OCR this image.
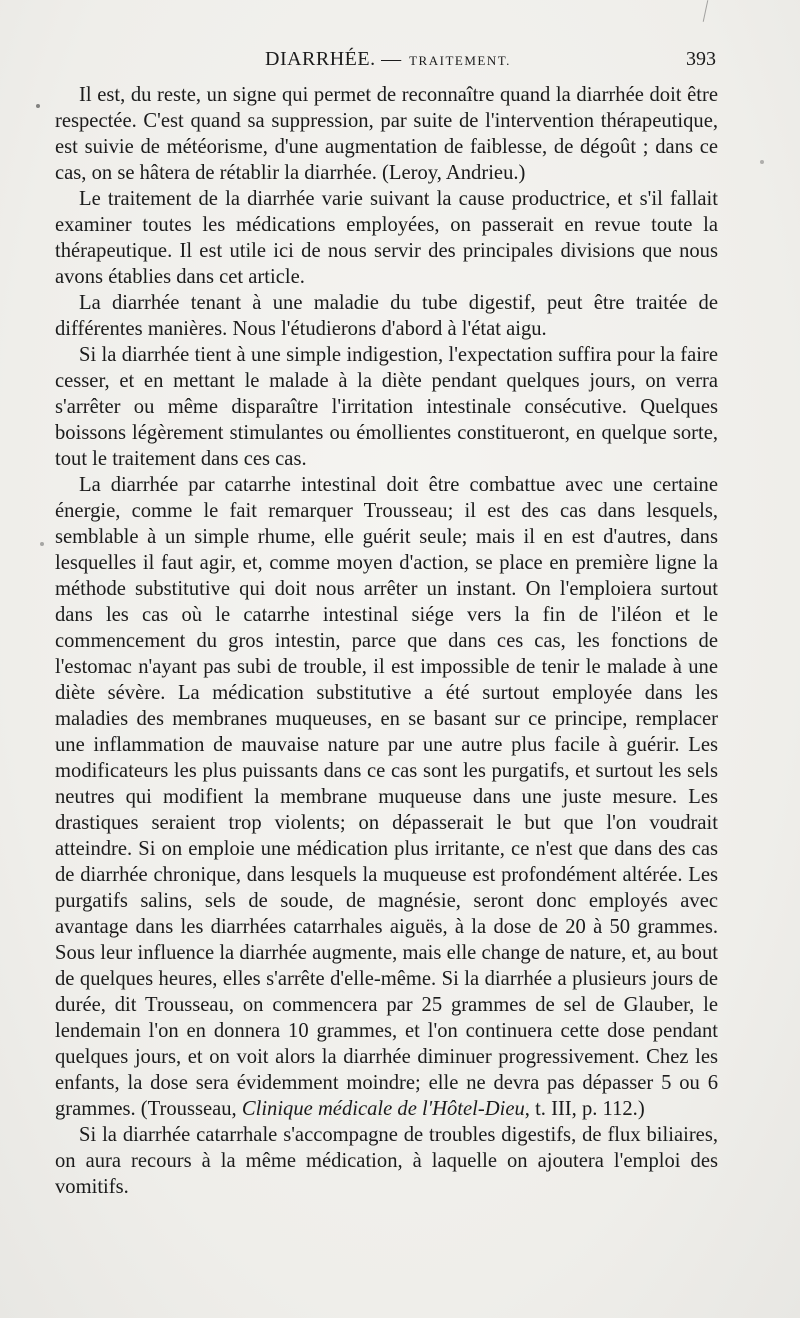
DIARRHÉE. — TRAITEMENT.	393

Il est, du reste, un signe qui permet de reconnaître quand la diarrhée doit être respectée. C'est quand sa suppression, par suite de l'intervention thérapeutique, est suivie de météorisme, d'une augmentation de faiblesse, de dégoût ; dans ce cas, on se hâtera de rétablir la diarrhée. (Leroy, Andrieu.)

Le traitement de la diarrhée varie suivant la cause productrice, et s'il fallait examiner toutes les médications employées, on passerait en revue toute la thérapeutique. Il est utile ici de nous servir des principales divisions que nous avons établies dans cet article.

La diarrhée tenant à une maladie du tube digestif, peut être traitée de différentes manières. Nous l'étudierons d'abord à l'état aigu.

Si la diarrhée tient à une simple indigestion, l'expectation suffira pour la faire cesser, et en mettant le malade à la diète pendant quelques jours, on verra s'arrêter ou même disparaître l'irritation intestinale consécutive. Quelques boissons légèrement stimulantes ou émollientes constitueront, en quelque sorte, tout le traitement dans ces cas.

La diarrhée par catarrhe intestinal doit être combattue avec une certaine énergie, comme le fait remarquer Trousseau; il est des cas dans lesquels, semblable à un simple rhume, elle guérit seule; mais il en est d'autres, dans lesquelles il faut agir, et, comme moyen d'action, se place en première ligne la méthode substitutive qui doit nous arrêter un instant. On l'emploiera surtout dans les cas où le catarrhe intestinal siége vers la fin de l'iléon et le commencement du gros intestin, parce que dans ces cas, les fonctions de l'estomac n'ayant pas subi de trouble, il est impossible de tenir le malade à une diète sévère. La médication substitutive a été surtout employée dans les maladies des membranes muqueuses, en se basant sur ce principe, remplacer une inflammation de mauvaise nature par une autre plus facile à guérir. Les modificateurs les plus puissants dans ce cas sont les purgatifs, et surtout les sels neutres qui modifient la membrane muqueuse dans une juste mesure. Les drastiques seraient trop violents; on dépasserait le but que l'on voudrait atteindre. Si on emploie une médication plus irritante, ce n'est que dans des cas de diarrhée chronique, dans lesquels la muqueuse est profondément altérée. Les purgatifs salins, sels de soude, de magnésie, seront donc employés avec avantage dans les diarrhées catarrhales aiguës, à la dose de 20 à 50 grammes. Sous leur influence la diarrhée augmente, mais elle change de nature, et, au bout de quelques heures, elles s'arrête d'elle-même. Si la diarrhée a plusieurs jours de durée, dit Trousseau, on commencera par 25 grammes de sel de Glauber, le lendemain l'on en donnera 10 grammes, et l'on continuera cette dose pendant quelques jours, et on voit alors la diarrhée diminuer progressivement. Chez les enfants, la dose sera évidemment moindre; elle ne devra pas dépasser 5 ou 6 grammes. (Trousseau, Clinique médicale de l'Hôtel-Dieu, t. III, p. 112.)

Si la diarrhée catarrhale s'accompagne de troubles digestifs, de flux biliaires, on aura recours à la même médication, à laquelle on ajoutera l'emploi des vomitifs.
